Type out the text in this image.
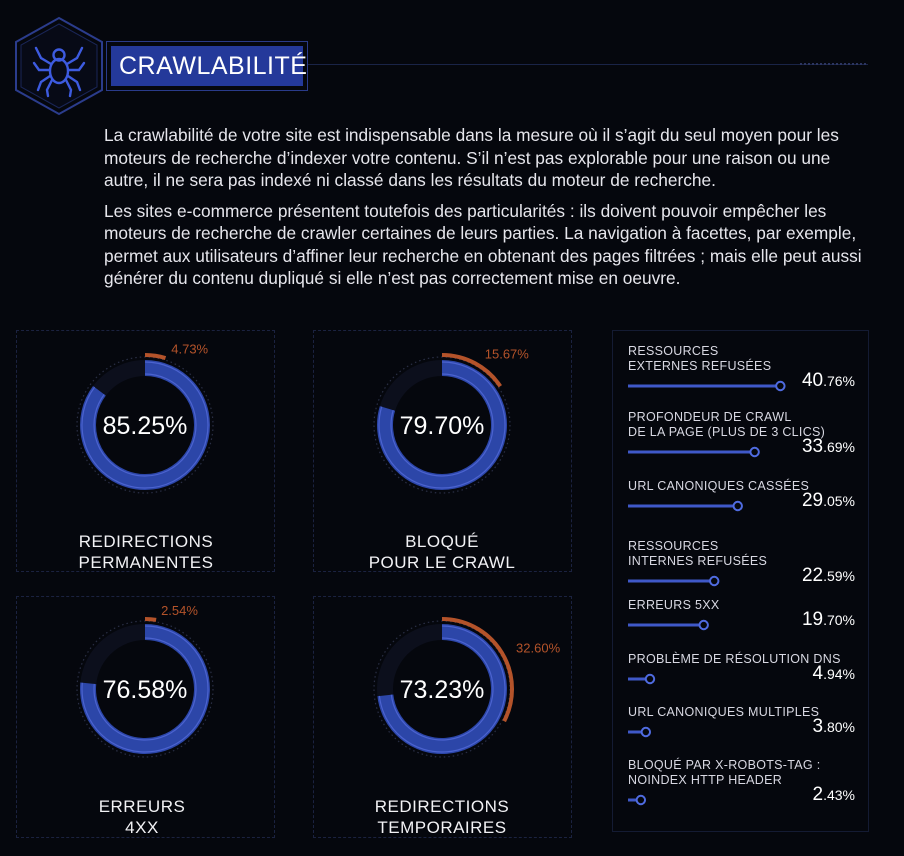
CRAWLABILITÉ

La crawlabilité de votre site est indispensable dans la mesure où il s’agit du seul moyen pour les moteurs de recherche d’indexer votre contenu. S’il n’est pas explorable pour une raison ou une autre, il ne sera pas indexé ni classé dans les résultats du moteur de recherche.

Les sites e-commerce présentent toutefois des particularités : ils doivent pouvoir empêcher les moteurs de recherche de crawler certaines de leurs parties. La navigation à facettes, par exemple, permet aux utilisateurs d’affiner leur recherche en obtenant des pages filtrées ; mais elle peut aussi générer du contenu dupliqué si elle n’est pas correctement mise en oeuvre.

85.25%
4.73%
79.70%
15.67%
76.58%
2.54%
73.23%
32.60%
REDIRECTIONS
PERMANENTES
BLOQUÉ
POUR LE CRAWL
ERREURS
4XX
REDIRECTIONS
TEMPORAIRES
RESSOURCES
EXTERNES REFUSÉES
40.76%
PROFONDEUR DE CRAWL
DE LA PAGE (PLUS DE 3 CLICS)
33.69%
URL CANONIQUES CASSÉES
29.05%
RESSOURCES
INTERNES REFUSÉES
22.59%
ERREURS 5XX
19.70%
PROBLÈME DE RÉSOLUTION DNS
4.94%
URL CANONIQUES MULTIPLES
3.80%
BLOQUÉ PAR X-ROBOTS-TAG :
NOINDEX HTTP HEADER
2.43%
